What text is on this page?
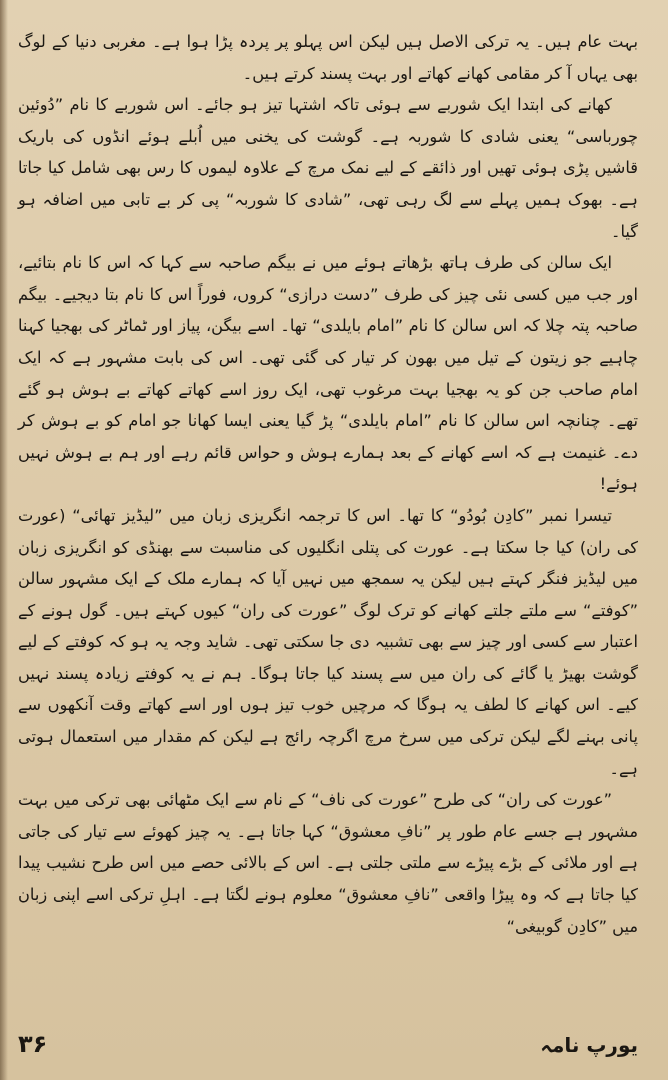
بہت عام ہیں۔ یہ ترکی الاصل ہیں لیکن اس پہلو پر پردہ پڑا ہوا ہے۔ مغربی دنیا کے لوگ بھی یہاں آ کر مقامی کھانے کھاتے اور بہت پسند کرتے ہیں۔

کھانے کی ابتدا ایک شوربے سے ہوئی تاکہ اشتہا تیز ہو جائے۔ اس شوربے کا نام ”دُوئین چورباسی“ یعنی شادی کا شوربہ ہے۔ گوشت کی یخنی میں اُبلے ہوئے انڈوں کی باریک قاشیں پڑی ہوئی تھیں اور ذائقے کے لیے نمک مرچ کے علاوہ لیموں کا رس بھی شامل کیا جاتا ہے۔ بھوک ہمیں پہلے سے لگ رہی تھی، ”شادی کا شوربہ“ پی کر بے تابی میں اضافہ ہو گیا۔

ایک سالن کی طرف ہاتھ بڑھاتے ہوئے میں نے بیگم صاحبہ سے کہا کہ اس کا نام بتائیے، اور جب میں کسی نئی چیز کی طرف ”دست درازی“ کروں، فوراً اس کا نام بتا دیجیے۔ بیگم صاحبہ پتہ چلا کہ اس سالن کا نام ”امام بایلدی“ تھا۔ اسے بیگن، پیاز اور ٹماٹر کی بھجیا کہنا چاہیے جو زیتون کے تیل میں بھون کر تیار کی گئی تھی۔ اس کی بابت مشہور ہے کہ ایک امام صاحب جن کو یہ بھجیا بہت مرغوب تھی، ایک روز اسے کھاتے کھاتے بے ہوش ہو گئے تھے۔ چنانچہ اس سالن کا نام ”امام بایلدی“ پڑ گیا یعنی ایسا کھانا جو امام کو بے ہوش کر دے۔ غنیمت ہے کہ اسے کھانے کے بعد ہمارے ہوش و حواس قائم رہے اور ہم بے ہوش نہیں ہوئے!

تیسرا نمبر ”کادِن بُودُو“ کا تھا۔ اس کا ترجمہ انگریزی زبان میں ”لیڈیز تھائی“ (عورت کی ران) کیا جا سکتا ہے۔ عورت کی پتلی انگلیوں کی مناسبت سے بھنڈی کو انگریزی زبان میں لیڈیز فنگر کہتے ہیں لیکن یہ سمجھ میں نہیں آیا کہ ہمارے ملک کے ایک مشہور سالن ”کوفتے“ سے ملتے جلتے کھانے کو ترک لوگ ”عورت کی ران“ کیوں کہتے ہیں۔ گول ہونے کے اعتبار سے کسی اور چیز سے بھی تشبیہ دی جا سکتی تھی۔ شاید وجہ یہ ہو کہ کوفتے کے لیے گوشت بھیڑ یا گائے کی ران میں سے پسند کیا جاتا ہوگا۔ ہم نے یہ کوفتے زیادہ پسند نہیں کیے۔ اس کھانے کا لطف یہ ہوگا کہ مرچیں خوب تیز ہوں اور اسے کھاتے وقت آنکھوں سے پانی بہنے لگے لیکن ترکی میں سرخ مرچ اگرچہ رائج ہے لیکن کم مقدار میں استعمال ہوتی ہے۔

”عورت کی ران“ کی طرح ”عورت کی ناف“ کے نام سے ایک مٹھائی بھی ترکی میں بہت مشہور ہے جسے عام طور پر ”نافِ معشوق“ کہا جاتا ہے۔ یہ چیز کھوئے سے تیار کی جاتی ہے اور ملائی کے بڑے پیڑے سے ملتی جلتی ہے۔ اس کے بالائی حصے میں اس طرح نشیب پیدا کیا جاتا ہے کہ وہ پیڑا واقعی ”نافِ معشوق“ معلوم ہونے لگتا ہے۔ اہلِ ترکی اسے اپنی زبان میں ”کادِن گوبیغی“

۳۶	یورپ نامہ
